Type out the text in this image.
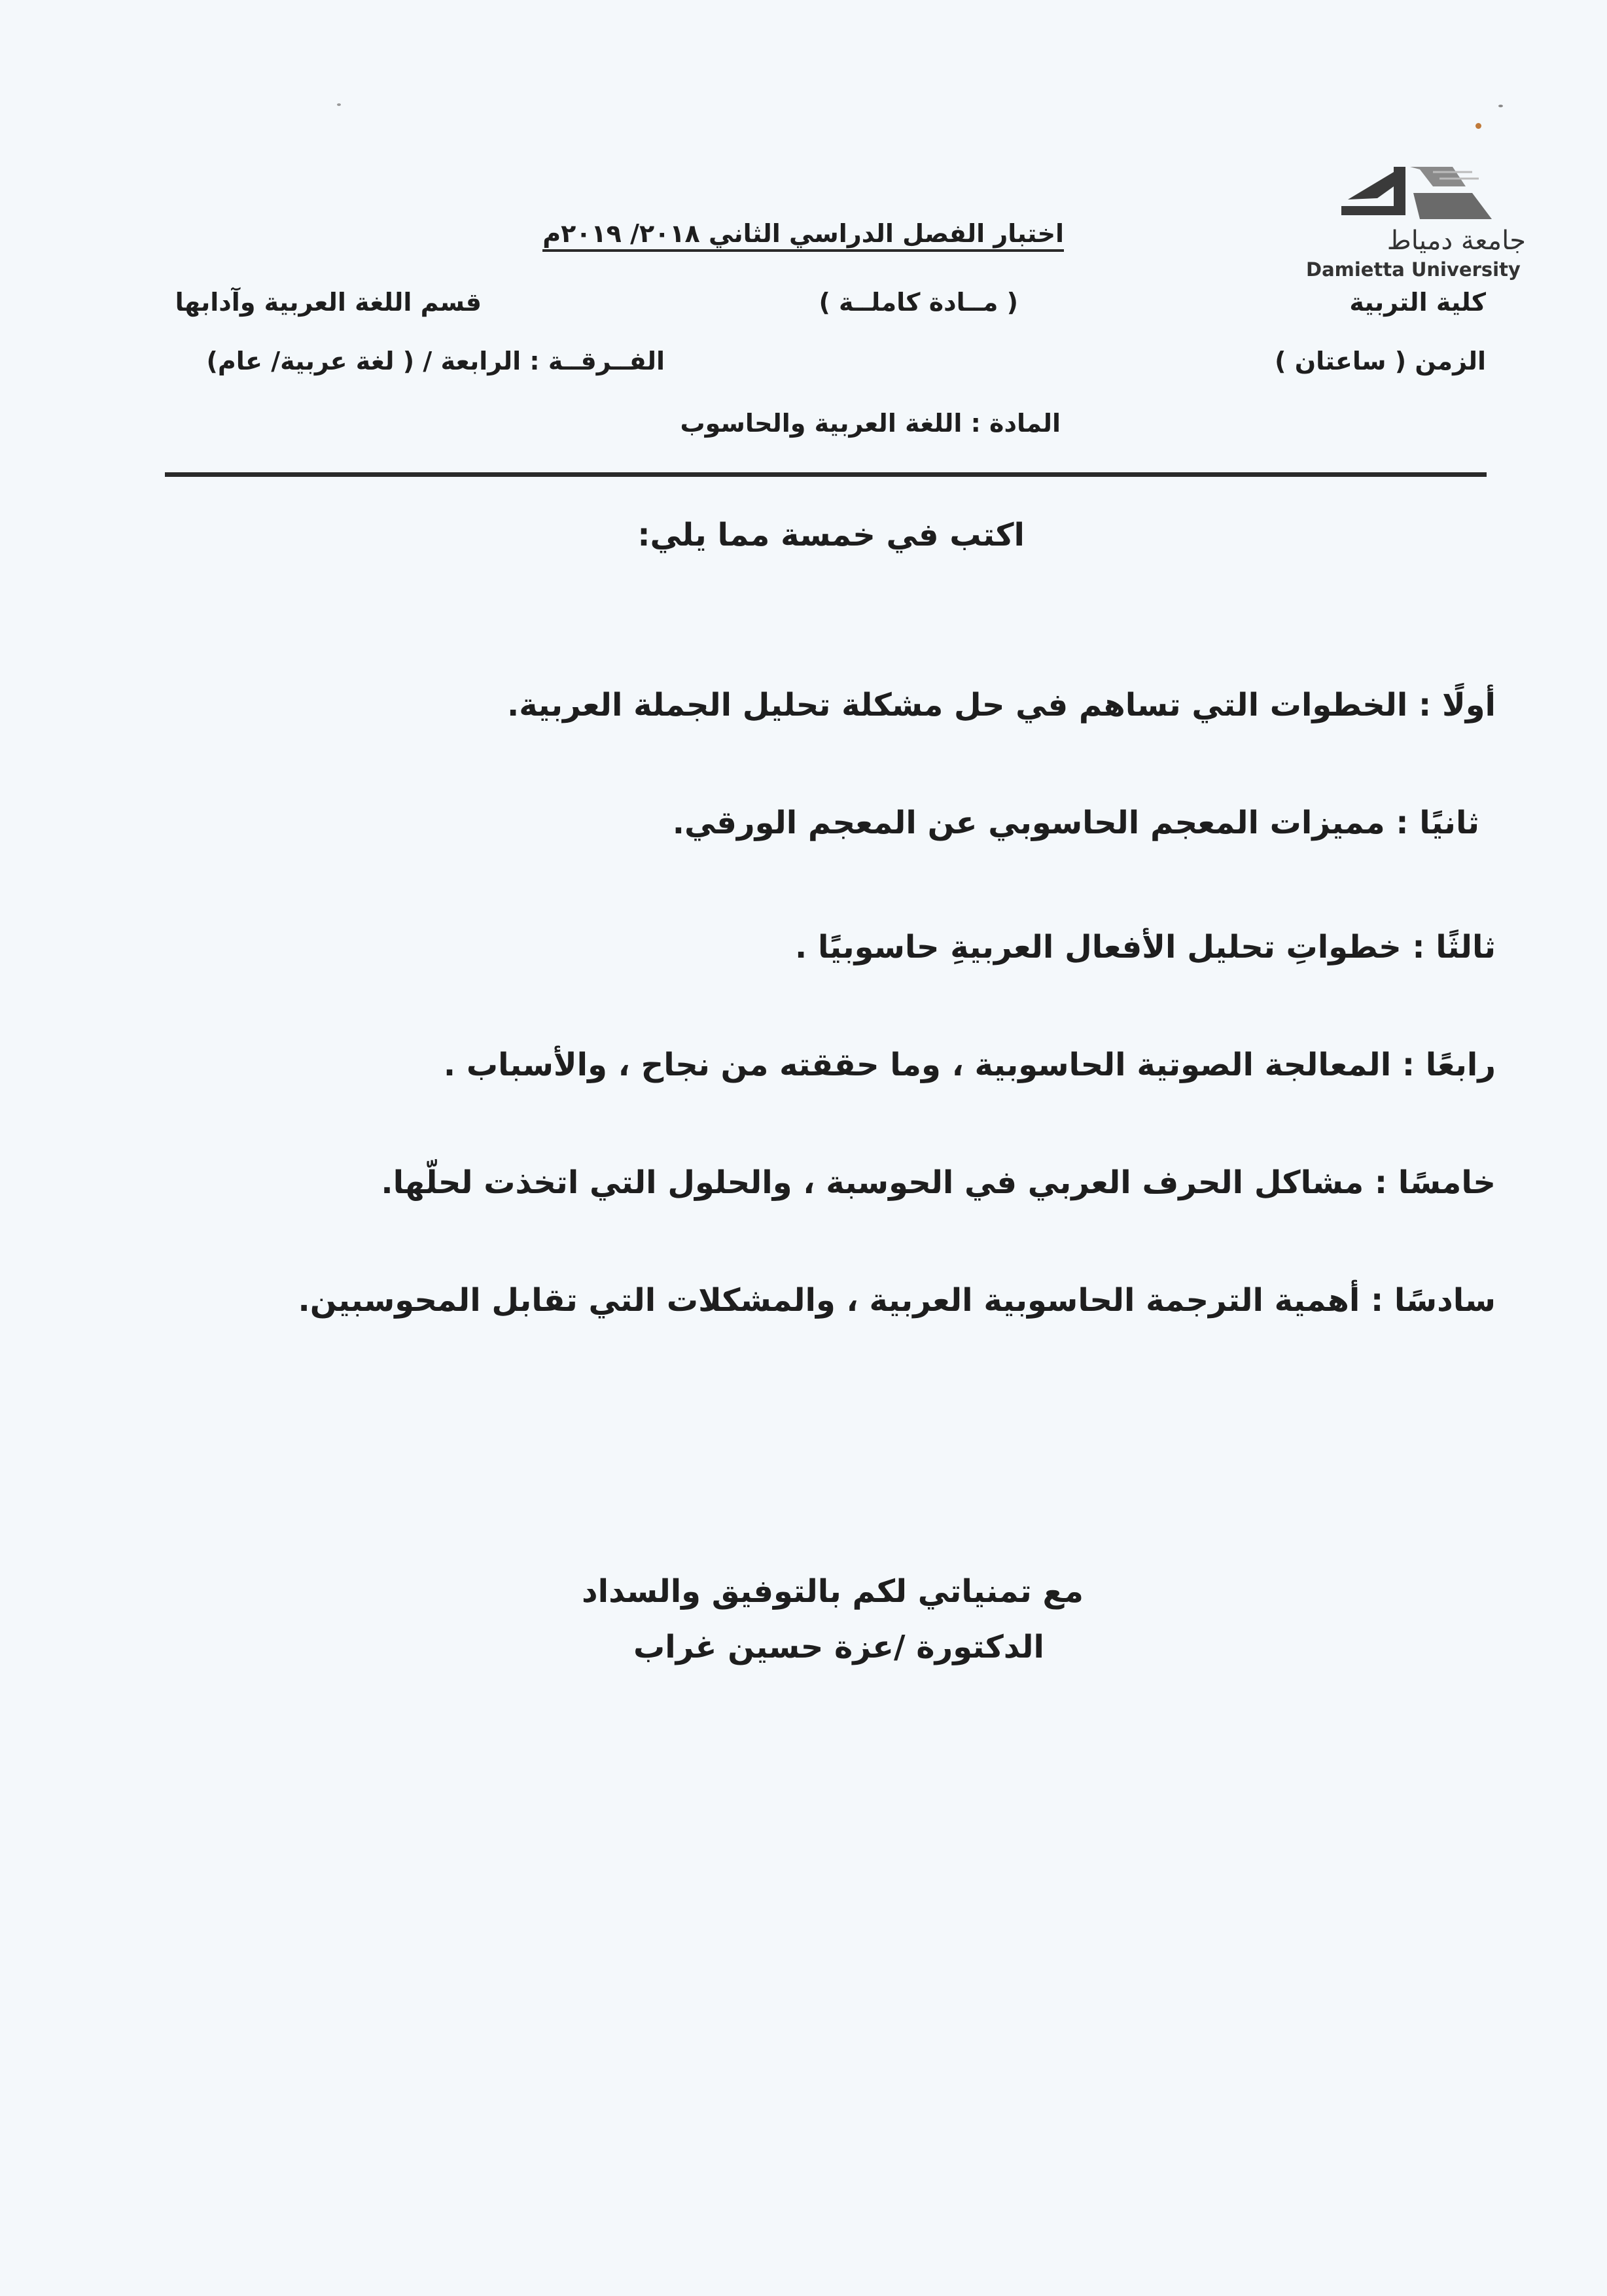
جامعة دمياط
Damietta University
اختبار الفصل الدراسي الثاني ٢٠١٨/ ٢٠١٩م
كلية التربية
( مــادة كاملــة )
قسم اللغة العربية وآدابها
الزمن ( ساعتان )
الفــرقــة : الرابعة / ( لغة عربية/ عام)
المادة : اللغة العربية والحاسوب
اكتب في خمسة مما يلي:
أولًا : الخطوات التي تساهم في حل مشكلة تحليل الجملة العربية.
ثانيًا : مميزات المعجم الحاسوبي عن المعجم الورقي.
ثالثًا : خطواتِ تحليل الأفعال العربيةِ حاسوبيًا .
رابعًا : المعالجة الصوتية الحاسوبية ، وما حققته من نجاح ، والأسباب .
خامسًا : مشاكل الحرف العربي في الحوسبة ، والحلول التي اتخذت لحلّها.
سادسًا : أهمية الترجمة الحاسوبية العربية ، والمشكلات التي تقابل المحوسبين.
مع تمنياتي لكم بالتوفيق والسداد
الدكتورة /عزة حسين غراب
